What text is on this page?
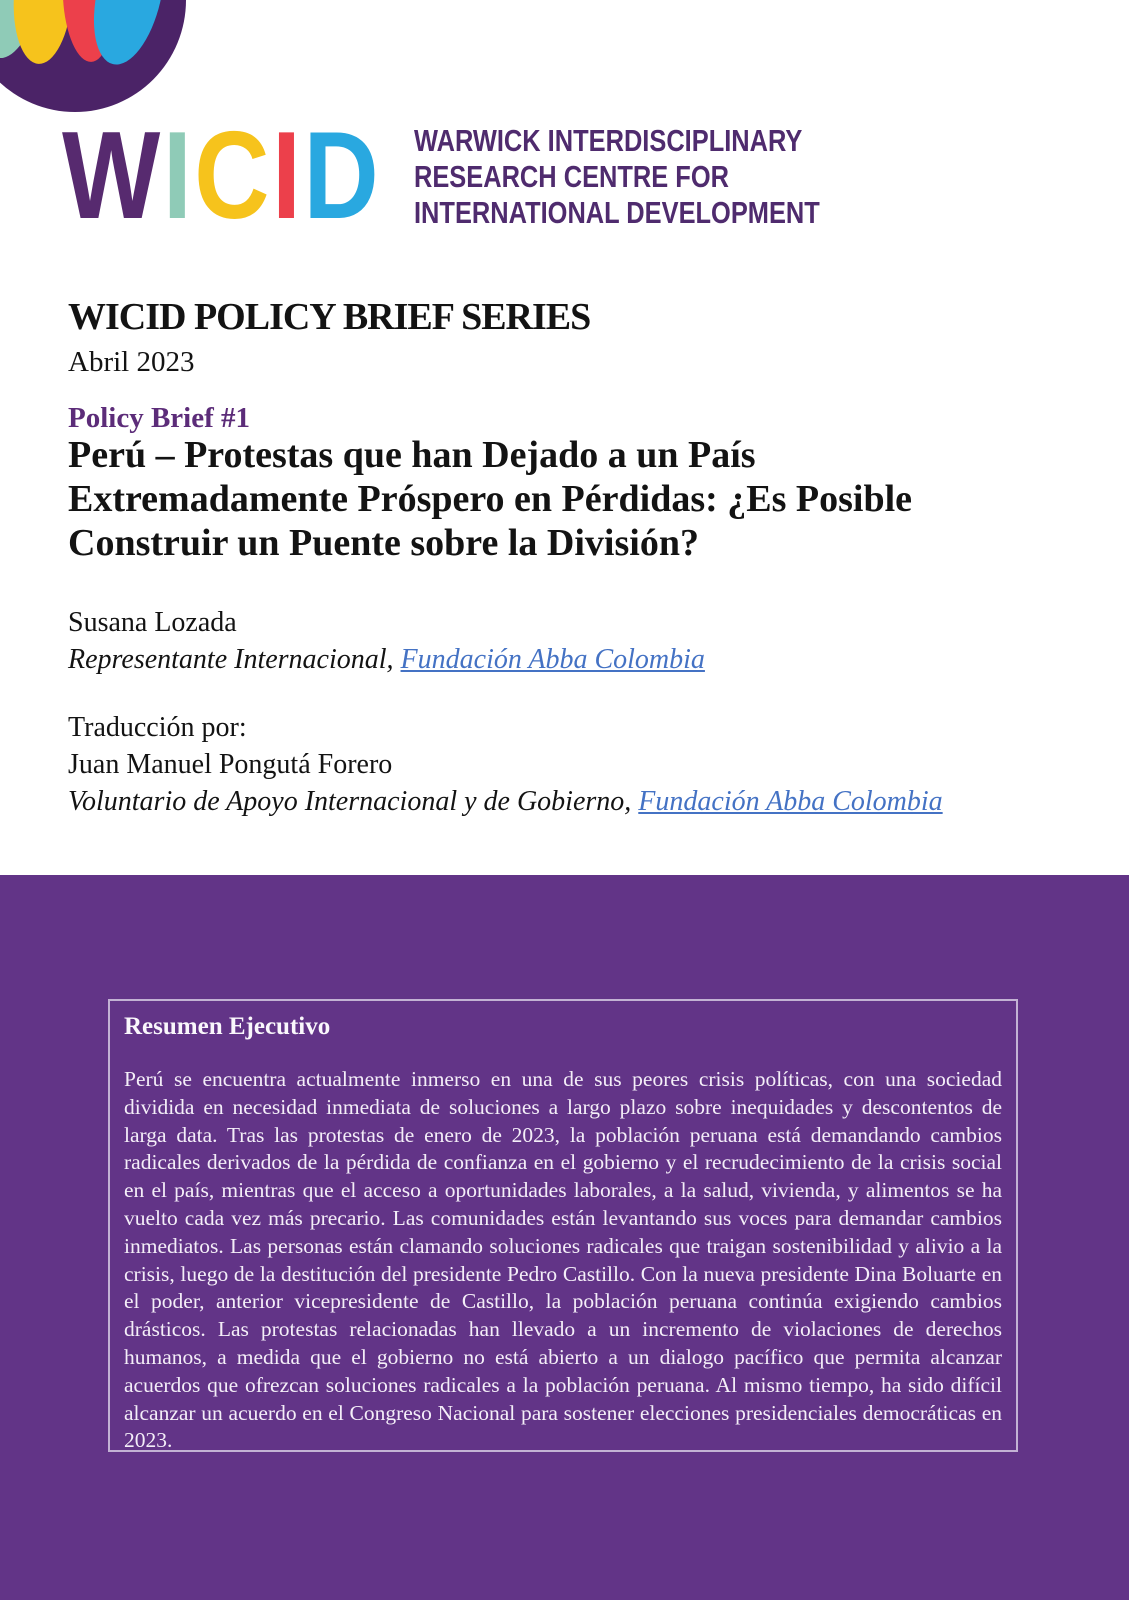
WICID WARWICK INTERDISCIPLINARY
RESEARCH CENTRE FOR
INTERNATIONAL DEVELOPMENT
WICID POLICY BRIEF SERIES
Abril 2023
Policy Brief #1
Perú – Protestas que han Dejado a un País
Extremadamente Próspero en Pérdidas: ¿Es Posible
Construir un Puente sobre la División?
Susana Lozada
Representante Internacional, Fundación Abba Colombia
Traducción por:
Juan Manuel Pongutá Forero
Voluntario de Apoyo Internacional y de Gobierno, Fundación Abba Colombia
Resumen Ejecutivo

Perú se encuentra actualmente inmerso en una de sus peores crisis políticas, con una sociedad dividida en necesidad inmediata de soluciones a largo plazo sobre inequidades y descontentos de larga data. Tras las protestas de enero de 2023, la población peruana está demandando cambios radicales derivados de la pérdida de confianza en el gobierno y el recrudecimiento de la crisis social en el país, mientras que el acceso a oportunidades laborales, a la salud, vivienda, y alimentos se ha vuelto cada vez más precario. Las comunidades están levantando sus voces para demandar cambios inmediatos. Las personas están clamando soluciones radicales que traigan sostenibilidad y alivio a la crisis, luego de la destitución del presidente Pedro Castillo. Con la nueva presidente Dina Boluarte en el poder, anterior vicepresidente de Castillo, la población peruana continúa exigiendo cambios drásticos. Las protestas relacionadas han llevado a un incremento de violaciones de derechos humanos, a medida que el gobierno no está abierto a un dialogo pacífico que permita alcanzar acuerdos que ofrezcan soluciones radicales a la población peruana. Al mismo tiempo, ha sido difícil alcanzar un acuerdo en el Congreso Nacional para sostener elecciones presidenciales democráticas en 2023.
